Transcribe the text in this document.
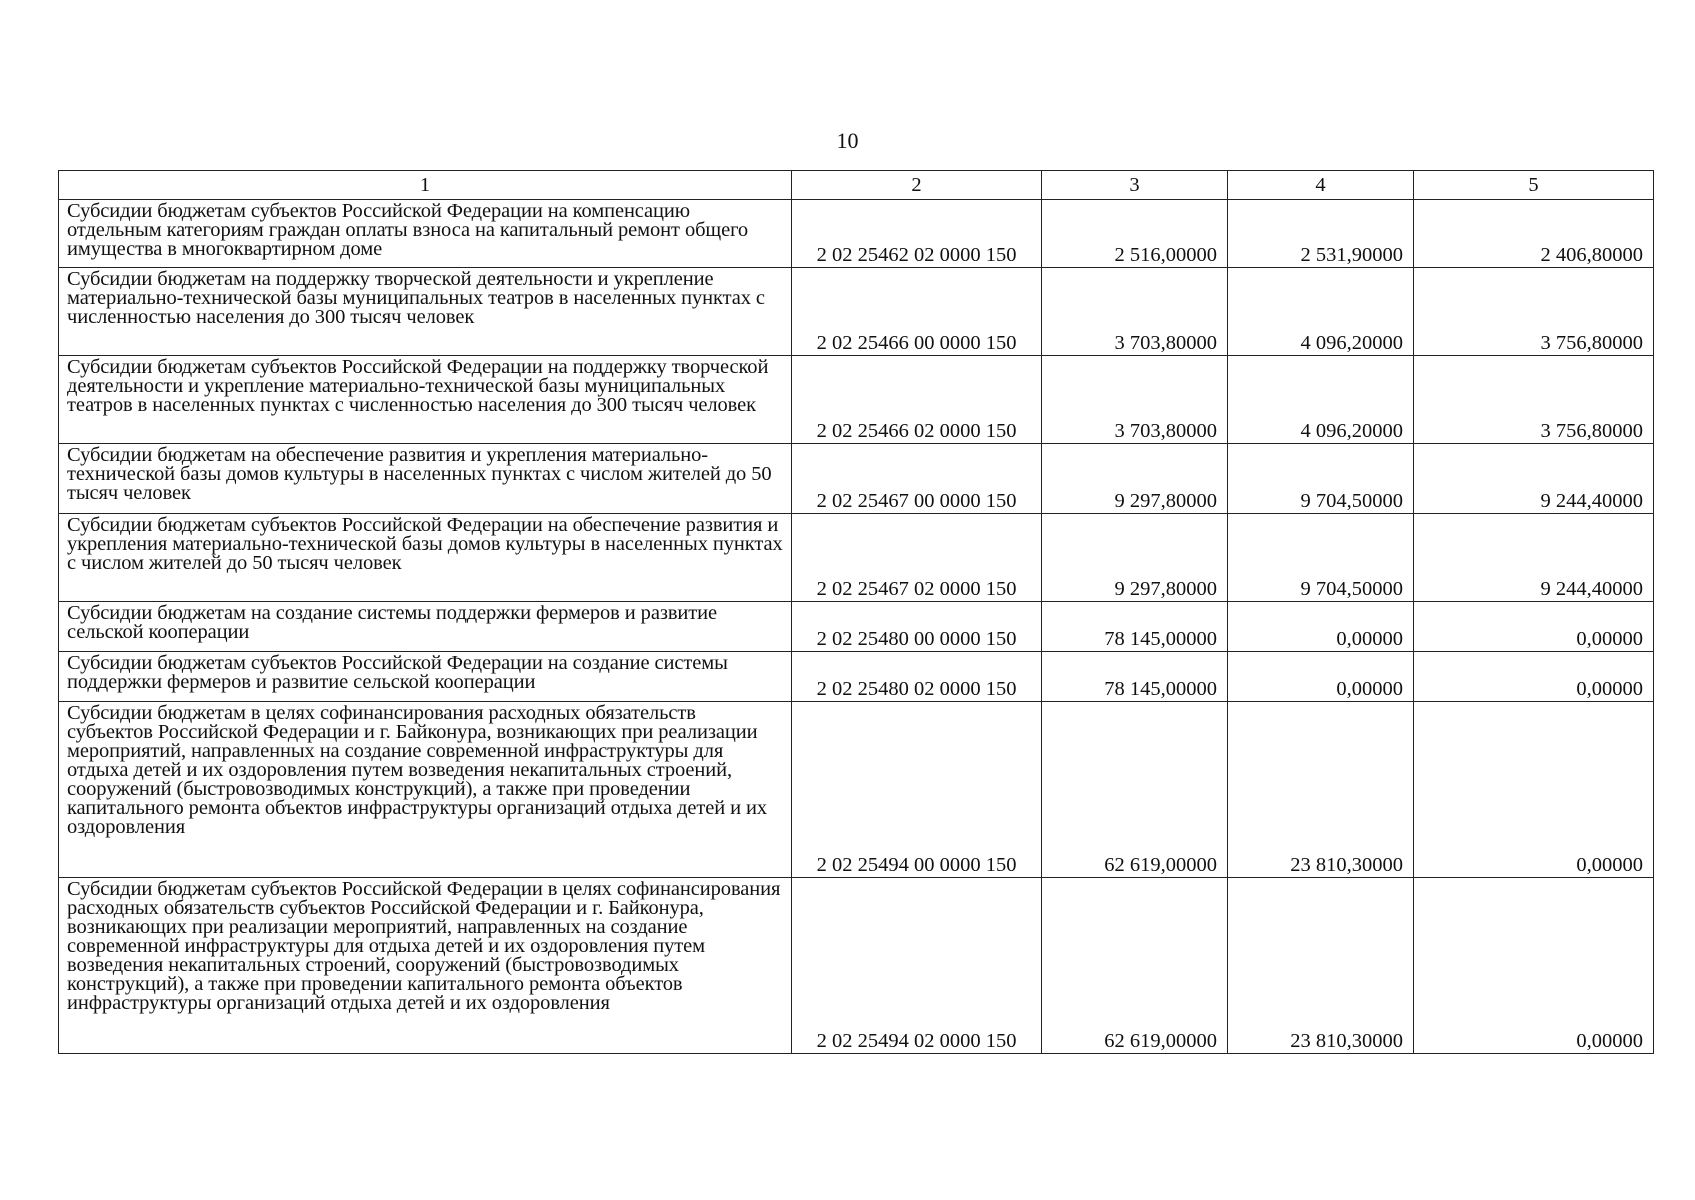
10
1	2	3	4	5
Субсидии бюджетам субъектов Российской Федерации на компенсацию отдельным категориям граждан оплаты взноса на капитальный ремонт общего имущества в многоквартирном доме	2 02 25462 02 0000 150	2 516,00000	2 531,90000	2 406,80000
Субсидии бюджетам на поддержку творческой деятельности и укрепление материально-технической базы муниципальных театров в населенных пунктах с численностью населения до 300 тысяч человек	2 02 25466 00 0000 150	3 703,80000	4 096,20000	3 756,80000
Субсидии бюджетам субъектов Российской Федерации на поддержку творческой деятельности и укрепление материально-технической базы муниципальных театров в населенных пунктах с численностью населения до 300 тысяч человек	2 02 25466 02 0000 150	3 703,80000	4 096,20000	3 756,80000
Субсидии бюджетам на обеспечение развития и укрепления материально-технической базы домов культуры в населенных пунктах с числом жителей до 50 тысяч человек	2 02 25467 00 0000 150	9 297,80000	9 704,50000	9 244,40000
Субсидии бюджетам субъектов Российской Федерации на обеспечение развития и укрепления материально-технической базы домов культуры в населенных пунктах с числом жителей до 50 тысяч человек	2 02 25467 02 0000 150	9 297,80000	9 704,50000	9 244,40000
Субсидии бюджетам на создание системы поддержки фермеров и развитие сельской кооперации	2 02 25480 00 0000 150	78 145,00000	0,00000	0,00000
Субсидии бюджетам субъектов Российской Федерации на создание системы поддержки фермеров и развитие сельской кооперации	2 02 25480 02 0000 150	78 145,00000	0,00000	0,00000
Субсидии бюджетам в целях софинансирования расходных обязательств субъектов Российской Федерации и г. Байконура, возникающих при реализации мероприятий, направленных на создание современной инфраструктуры для отдыха детей и их оздоровления путем возведения некапитальных строений, сооружений (быстровозводимых конструкций), а также при проведении капитального ремонта объектов инфраструктуры организаций отдыха детей и их оздоровления	2 02 25494 00 0000 150	62 619,00000	23 810,30000	0,00000
Субсидии бюджетам субъектов Российской Федерации в целях софинансирования расходных обязательств субъектов Российской Федерации и г. Байконура, возникающих при реализации мероприятий, направленных на создание современной инфраструктуры для отдыха детей и их оздоровления путем возведения некапитальных строений, сооружений (быстровозводимых конструкций), а также при проведении капитального ремонта объектов инфраструктуры организаций отдыха детей и их оздоровления	2 02 25494 02 0000 150	62 619,00000	23 810,30000	0,00000
